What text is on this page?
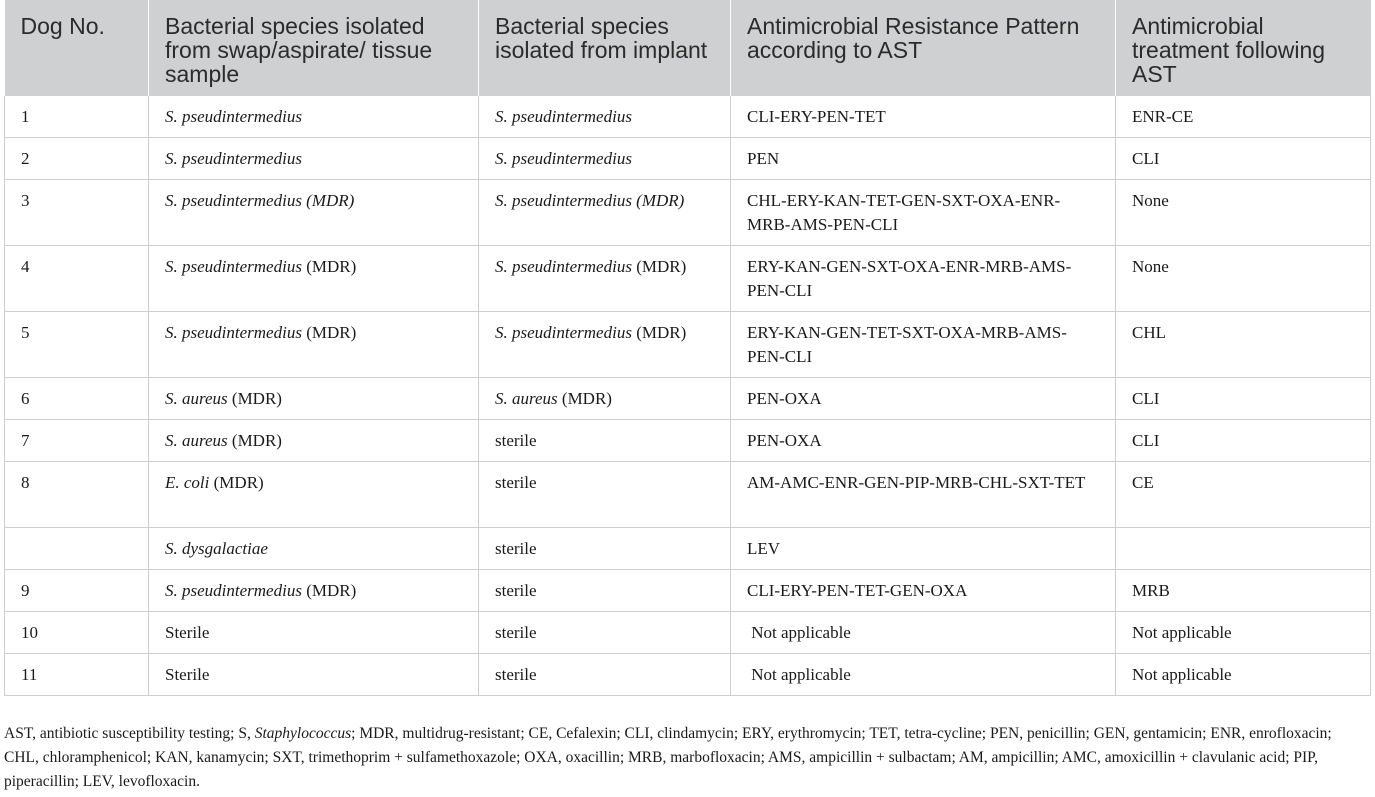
Dog No.	Bacterial species isolated from swap/aspirate/ tissue sample	Bacterial species isolated from implant	Antimicrobial Resistance Pattern according to AST	Antimicrobial treatment following AST
1	S. pseudintermedius	S. pseudintermedius	CLI-ERY-PEN-TET	ENR-CE
2	S. pseudintermedius	S. pseudintermedius	PEN	CLI
3	S. pseudintermedius (MDR)	S. pseudintermedius (MDR)	CHL-ERY-KAN-TET-GEN-SXT-OXA-ENR-MRB-AMS-PEN-CLI	None
4	S. pseudintermedius (MDR)	S. pseudintermedius (MDR)	ERY-KAN-GEN-SXT-OXA-ENR-MRB-AMS-PEN-CLI	None
5	S. pseudintermedius (MDR)	S. pseudintermedius (MDR)	ERY-KAN-GEN-TET-SXT-OXA-MRB-AMS-PEN-CLI	CHL
6	S. aureus (MDR)	S. aureus (MDR)	PEN-OXA	CLI
7	S. aureus (MDR)	sterile	PEN-OXA	CLI
8	E. coli (MDR)	sterile	AM-AMC-ENR-GEN-PIP-MRB-CHL-SXT-TET	CE
	S. dysgalactiae	sterile	LEV	
9	S. pseudintermedius (MDR)	sterile	CLI-ERY-PEN-TET-GEN-OXA	MRB
10	Sterile	sterile	Not applicable	Not applicable
11	Sterile	sterile	Not applicable	Not applicable

AST, antibiotic susceptibility testing; S, Staphylococcus; MDR, multidrug-resistant; CE, Cefalexin; CLI, clindamycin; ERY, erythromycin; TET, tetra-cycline; PEN, penicillin; GEN, gentamicin; ENR, enrofloxacin; CHL, chloramphenicol; KAN, kanamycin; SXT, trimethoprim + sulfamethoxazole; OXA, oxacillin; MRB, marbofloxacin; AMS, ampicillin + sulbactam; AM, ampicillin; AMC, amoxicillin + clavulanic acid; PIP, piperacillin; LEV, levofloxacin.
